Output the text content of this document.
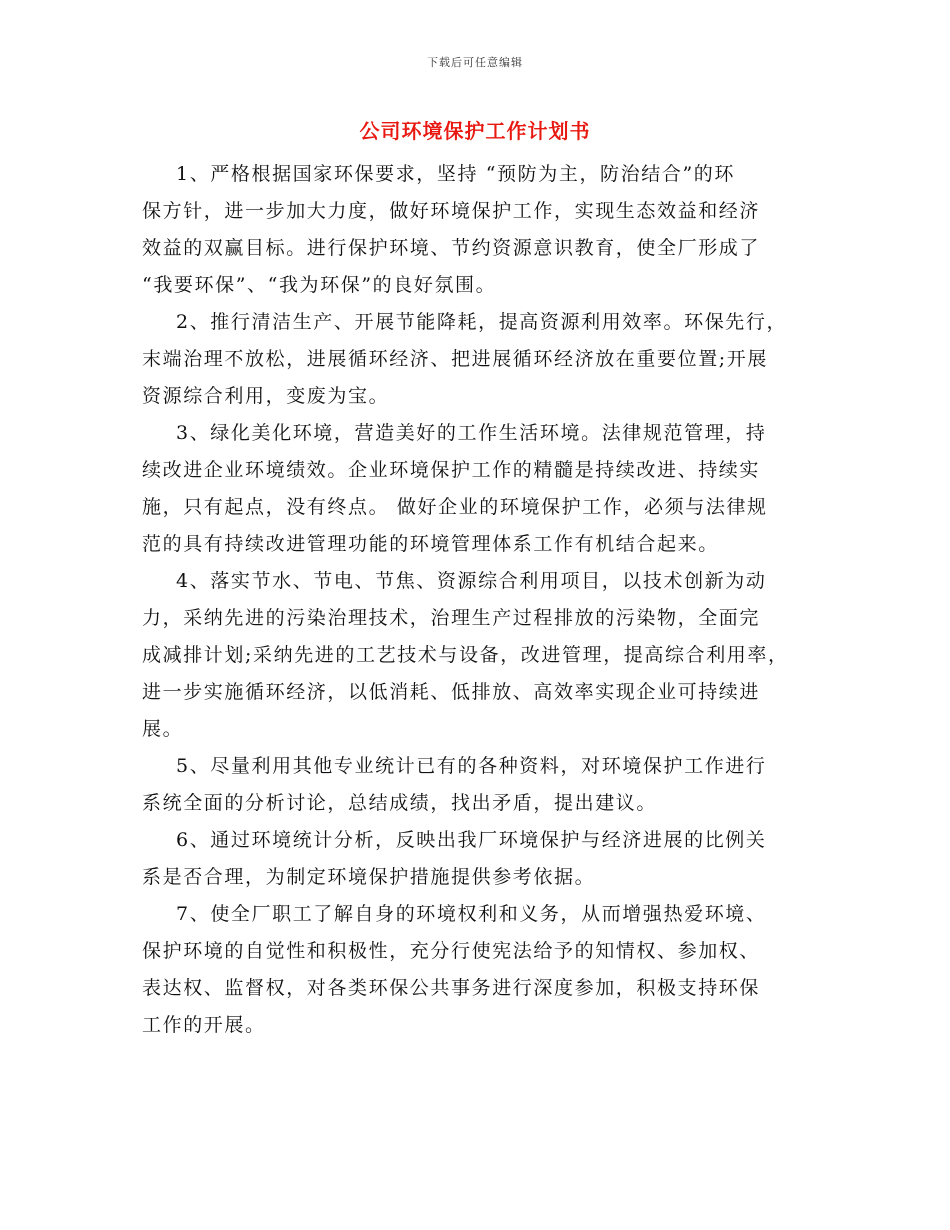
下载后可任意编辑
公司环境保护工作计划书

1、严格根据国家环保要求，坚持 “预防为主，防治结合”的环
保方针，进一步加大力度，做好环境保护工作，实现生态效益和经济
效益的双赢目标。进行保护环境、节约资源意识教育，使全厂形成了
“我要环保”、“我为环保”的良好氛围。

2、推行清洁生产、开展节能降耗，提高资源利用效率。环保先行，
末端治理不放松，进展循环经济、把进展循环经济放在重要位置;开展
资源综合利用，变废为宝。

3、绿化美化环境，营造美好的工作生活环境。法律规范管理，持
续改进企业环境绩效。企业环境保护工作的精髓是持续改进、持续实
施，只有起点，没有终点。 做好企业的环境保护工作，必须与法律规
范的具有持续改进管理功能的环境管理体系工作有机结合起来。

4、落实节水、节电、节焦、资源综合利用项目，以技术创新为动
力，采纳先进的污染治理技术，治理生产过程排放的污染物，全面完
成减排计划;采纳先进的工艺技术与设备，改进管理，提高综合利用率，
进一步实施循环经济，以低消耗、低排放、高效率实现企业可持续进
展。

5、尽量利用其他专业统计已有的各种资料，对环境保护工作进行
系统全面的分析讨论，总结成绩，找出矛盾，提出建议。

6、通过环境统计分析，反映出我厂环境保护与经济进展的比例关
系是否合理，为制定环境保护措施提供参考依据。

7、使全厂职工了解自身的环境权利和义务，从而增强热爱环境、
保护环境的自觉性和积极性，充分行使宪法给予的知情权、参加权、
表达权、监督权，对各类环保公共事务进行深度参加，积极支持环保
工作的开展。
